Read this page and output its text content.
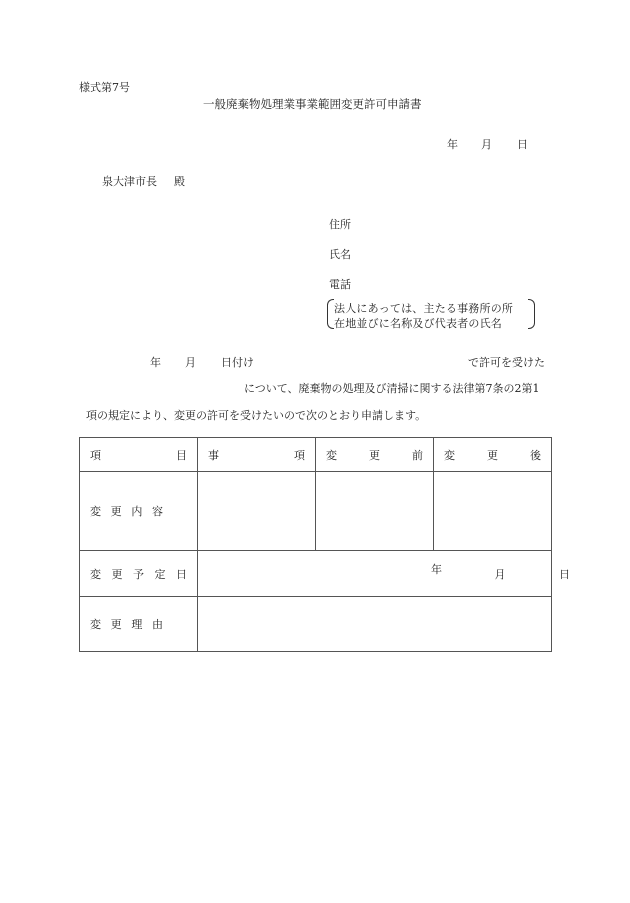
様式第7号
一般廃棄物処理業事業範囲変更許可申請書
年 月 日
泉大津市長 殿
住所
氏名
電話
法人にあっては、主たる事務所の所
在地並びに名称及び代表者の氏名
年 月 日付け	で許可を受けた
について、廃棄物の処理及び清掃に関する法律第7条の2第1
項の規定により、変更の許可を受けたいので次のとおり申請します。
項 目	事 項	変 更 前	変 更 後

変 更 内 容			

変 更 予 定 日	年 月 日		

変 更 理 由			
